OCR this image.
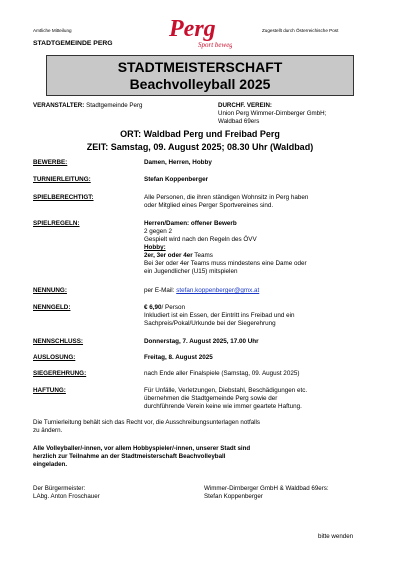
Amtliche Mitteilung	Zugestellt durch Österreichische Post
STADTGEMEINDE PERG
Perg
Sport bewegt
STADTMEISTERSCHAFT
Beachvolleyball 2025
VERANSTALTER: Stadtgemeinde Perg	DURCHF. VEREIN:
Union Perg Wimmer-Dirnberger GmbH;
Waldbad 69ers
ORT: Waldbad Perg und Freibad Perg
ZEIT: Samstag, 09. August 2025; 08.30 Uhr (Waldbad)
BEWERBE:	Damen, Herren, Hobby
TURNIERLEITUNG:	Stefan Koppenberger
SPIELBERECHTIGT:	Alle Personen, die ihren ständigen Wohnsitz in Perg haben
oder Mitglied eines Perger Sportvereines sind.
SPIELREGELN:	Herren/Damen: offener Bewerb
2 gegen 2
Gespielt wird nach den Regeln des ÖVV
Hobby:
2er, 3er oder 4er Teams
Bei 3er oder 4er Teams muss mindestens eine Dame oder
ein Jugendlicher (U15) mitspielen
NENNUNG:	per E-Mail: stefan.koppenberger@gmx.at
NENNGELD:	€ 6,90/ Person
Inkludiert ist ein Essen, der Eintritt ins Freibad und ein
Sachpreis/Pokal/Urkunde bei der Siegerehrung
NENNSCHLUSS:	Donnerstag, 7. August 2025, 17.00 Uhr
AUSLOSUNG:	Freitag, 8. August 2025
SIEGEREHRUNG:	nach Ende aller Finalspiele (Samstag, 09. August 2025)
HAFTUNG:	Für Unfälle, Verletzungen, Diebstahl, Beschädigungen etc.
übernehmen die Stadtgemeinde Perg sowie der
durchführende Verein keine wie immer geartete Haftung.
Die Turnierleitung behält sich das Recht vor, die Ausschreibungsunterlagen notfalls
zu ändern.
Alle Volleyballer/-innen, vor allem Hobbyspieler/-innen, unserer Stadt sind
herzlich zur Teilnahme an der Stadtmeisterschaft Beachvolleyball
eingeladen.
Der Bürgermeister:
LAbg. Anton Froschauer
Wimmer-Dirnberger GmbH & Waldbad 69ers:
Stefan Koppenberger
bitte wenden
